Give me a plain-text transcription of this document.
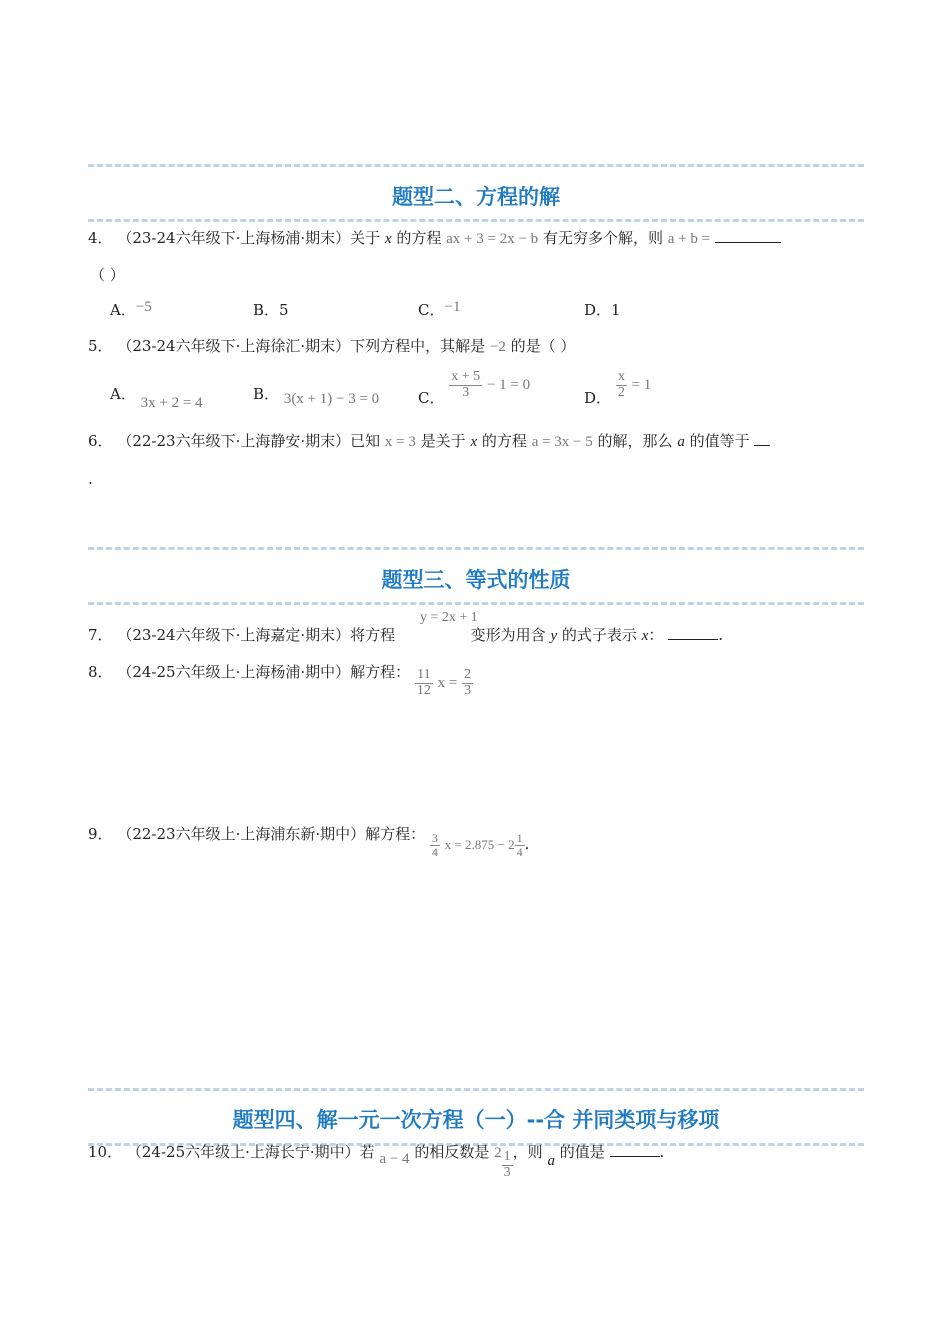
题型二、方程的解
4． （23-24六年级下·上海杨浦·期末）关于 x 的方程 ax + 3 = 2x − b 有无穷多个解，则 a + b =
（ ）
A．−5	B．5	C．−1	D．1
5． （23-24六年级下·上海徐汇·期末）下列方程中，其解是 −2 的是（ ）
A． 3x + 2 = 4	B． 3(x + 1) − 3 = 0	C． $\frac{x + 5}{3} - 1 = 0$
D． $\frac{x}{2} = 1$
6． （22-23六年级下·上海静安·期末）已知 x = 3 是关于 x 的方程 a = 3x − 5 的解，那么 a 的值等于
.
题型三、等式的性质
y = 2x + 1
7． （23-24六年级下·上海嘉定·期末）将方程	变形为用含 y 的式子表示 x：	.
8． （24-25六年级上·上海杨浦·期中）解方程： $\frac{11}{12}$ $x = \frac{2}{3}$
9． （22-23六年级上·上海浦东新·期中）解方程： $\frac{3}{4}$ $x = 2.875 - 2 \frac{1}{4}$ .
题型四、解一元一次方程（一）--合 并同类项与移项
10． （24-25六年级上·上海长宁·期中）若 a − 4 的相反数是 $2 \frac{1}{3}$ ，则 a 的值是	.
